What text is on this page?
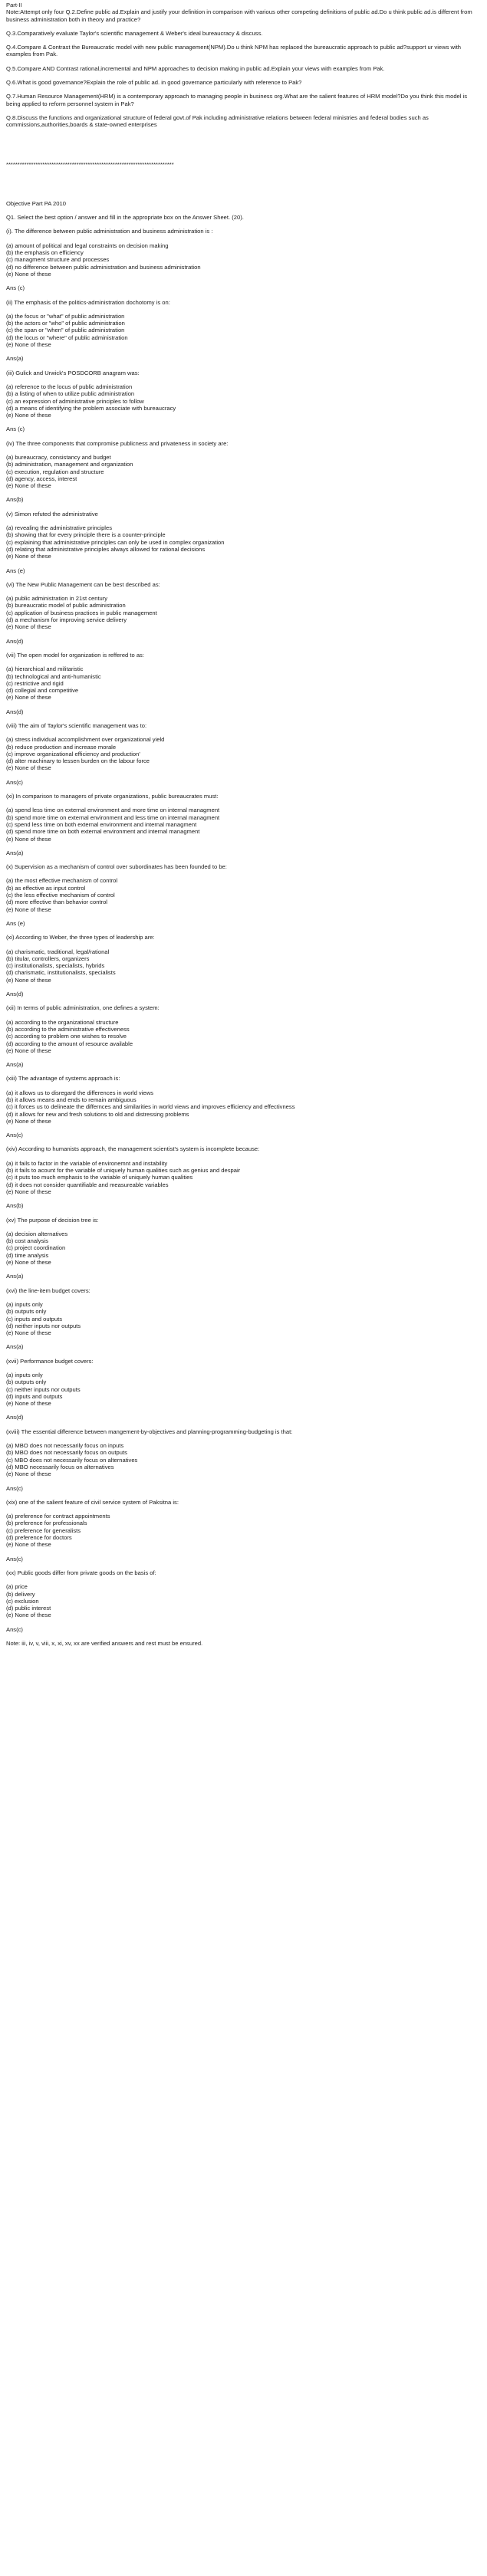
Part-II

Note:Attempt only four Q.2.Define public ad.Explain and justify your definition in comparison with various other competing definitions of public ad.Do u think public ad.is different from business administration both in theory and practice?

Q.3.Comparatively evaluate Taylor's scientific management & Weber's ideal bureaucracy & discuss.

Q.4.Compare & Contrast the Bureaucratic model with new public management(NPM).Do u think NPM has replaced the bureaucratic approach to public ad?support ur views with examples from Pak.

Q.5.Compare AND Contrast rational,incremental and NPM approaches to decision making in public ad.Explain your views with examples from Pak.

Q.6.What is good governance?Explain the role of public ad. in good governance particularly with reference to Pak?

Q.7.Human Resource Management(HRM) is a contemporary approach to managing people in business org.What are the salient features of HRM model?Do you think this model is being applied to reform personnel system in Pak?

Q.8.Discuss the functions and organizational structure of federal govt.of Pak including administrative relations between federal ministries and federal bodies such as commissions,authorities,boards & state-owned enterprises

**************************************************************************

Objective Part PA 2010

Q1. Select the best option / answer and fill in the appropriate box on the Answer Sheet. (20).

(i). The difference between public administration and business administration is :

(a) amount of political and legal constraints on decision making
(b) the emphasis on efficiency
(c) managment structure and processes
(d) no difference between public administration and business administration
(e) None of these

Ans (c)

(ii) The emphasis of the politics-administration dochotomy is on:

(a) the focus or "what" of public administration
(b) the actors or "who" of public administration
(c) the span or "when" of public administration
(d) the locus or "where" of public administration
(e) None of these

Ans(a)

(iii) Gulick and Urwick's POSDCORB anagram was:

(a) reference to the locus of public administration
(b) a listing of when to utilize public administration
(c) an expression of administrative principles to follow
(d) a means of identifying the problem associate with bureaucracy
(e) None of these

Ans (c)

(iv) The three components that compromise publicness and privateness in society are:

(a) bureaucracy, consistancy and budget
(b) administration, management and organization
(c) execution, regulation and structure
(d) agency, access, interest
(e) None of these

Ans(b)

(v) Simon refuted the administrative

(a) revealing the administrative principles
(b) showing that for every principle there is a counter-principle
(c) explaining that administrative principles can only be used in complex organization
(d) relating that administrative principles always allowed for rational decisions
(e) None of these

Ans (e)

(vi) The New Public Management can be best described as:

(a) public administration in 21st century
(b) bureaucratic model of public administration
(c) application of business practices in public management
(d) a mechanism for improving service delivery
(e) None of these

Ans(d)

(vii) The open model for organization is reffered to as:

(a) hierarchical and militaristic
(b) technological and anti-humanistic
(c) restrictive and rigid
(d) collegial and competitive
(e) None of these

Ans(d)

(viii) The aim of Taylor's scientific management was to:

(a) stress individual accomplishment over organizational yield
(b) reduce production and increase morale
(c) improve organizational efficiency and production'
(d) alter machinary to lessen burden on the labour force
(e) None of these

Ans(c)

(xi) In comparison to managers of private organizations, public bureaucrates must:

(a) spend less time on external environment and more time on internal managment
(b) spend more time on external environment and less time on internal managment
(c) spend less time on both external environment and internal managment
(d) spend more time on both external environment and internal managment
(e) None of these

Ans(a)

(x) Supervision as a mechanism of control over subordinates has been founded to be:

(a) the most effective mechanism of control
(b) as effective as input control
(c) the less effective mechanism of control
(d) more effective than behavior control
(e) None of these

Ans (e)

(xi) According to Weber, the three types of leadership are:

(a) charismatic, traditional, legal/rational
(b) titular, controllers, organizers
(c) institutionalists, specialists, hybrids
(d) charismatic, institutionalists, specialists
(e) None of these

Ans(d)

(xii) In terms of public administration, one defines a system:

(a) according to the organizational structure
(b) according to the administrative effectiveness
(c) according to problem one wishes to resolve
(d) according to the amount of resource available
(e) None of these

Ans(a)

(xiii) The advantage of systems approach is:

(a) it allows us to disregard the differences in world views
(b) it allows means and ends to remain ambiguous
(c) it forces us to delineate the differnces and similarities in world views and improves efficiency and effectivness
(d) it allows for new and fresh solutions to old and distressing problems
(e) None of these

Ans(c)

(xiv) According to humanists approach, the management scientist's system is incomplete because:

(a) it fails to factor in the variable of environemnt and instability
(b) it fails to acount for the variable of uniquely human qualities such as genius and despair
(c) it puts too much emphasis to the variable of uniquely human qualities
(d) it does not consider quantifiable and measureable variables
(e) None of these

Ans(b)

(xv) The purpose of decision tree is:

(a) decision alternatives
(b) cost analysis
(c) project coordination
(d) time analysis
(e) None of these

Ans(a)

(xvi) the line-item budget covers:

(a) inputs only
(b) outputs only
(c) inputs and outputs
(d) neither inputs nor outputs
(e) None of these

Ans(a)

(xvii) Performance budget covers:

(a) inputs only
(b) outputs only
(c) neither inputs nor outputs
(d) inputs and outputs
(e) None of these

Ans(d)

(xviii) The essential difference between mangement-by-objectives and planning-programming-budgeting is that:

(a) MBO does not necessarily focus on inputs
(b) MBO does not necessarily focus on outputs
(c) MBO does not necessarily focus on alternatives
(d) MBO necessarily focus on alternatives
(e) None of these

Ans(c)

(xix) one of the salient feature of civil service system of Paksitna is:

(a) preference for contract appointments
(b) preference for professionals
(c) preference for generalists
(d) preference for doctors
(e) None of these

Ans(c)

(xx) Public goods differ from private goods on the basis of:

(a) price
(b) delivery
(c) exclusion
(d) public interest
(e) None of these

Ans(c)

Note: iii, iv, v, viii, x, xi, xv, xx are verified answers and rest must be ensured.
